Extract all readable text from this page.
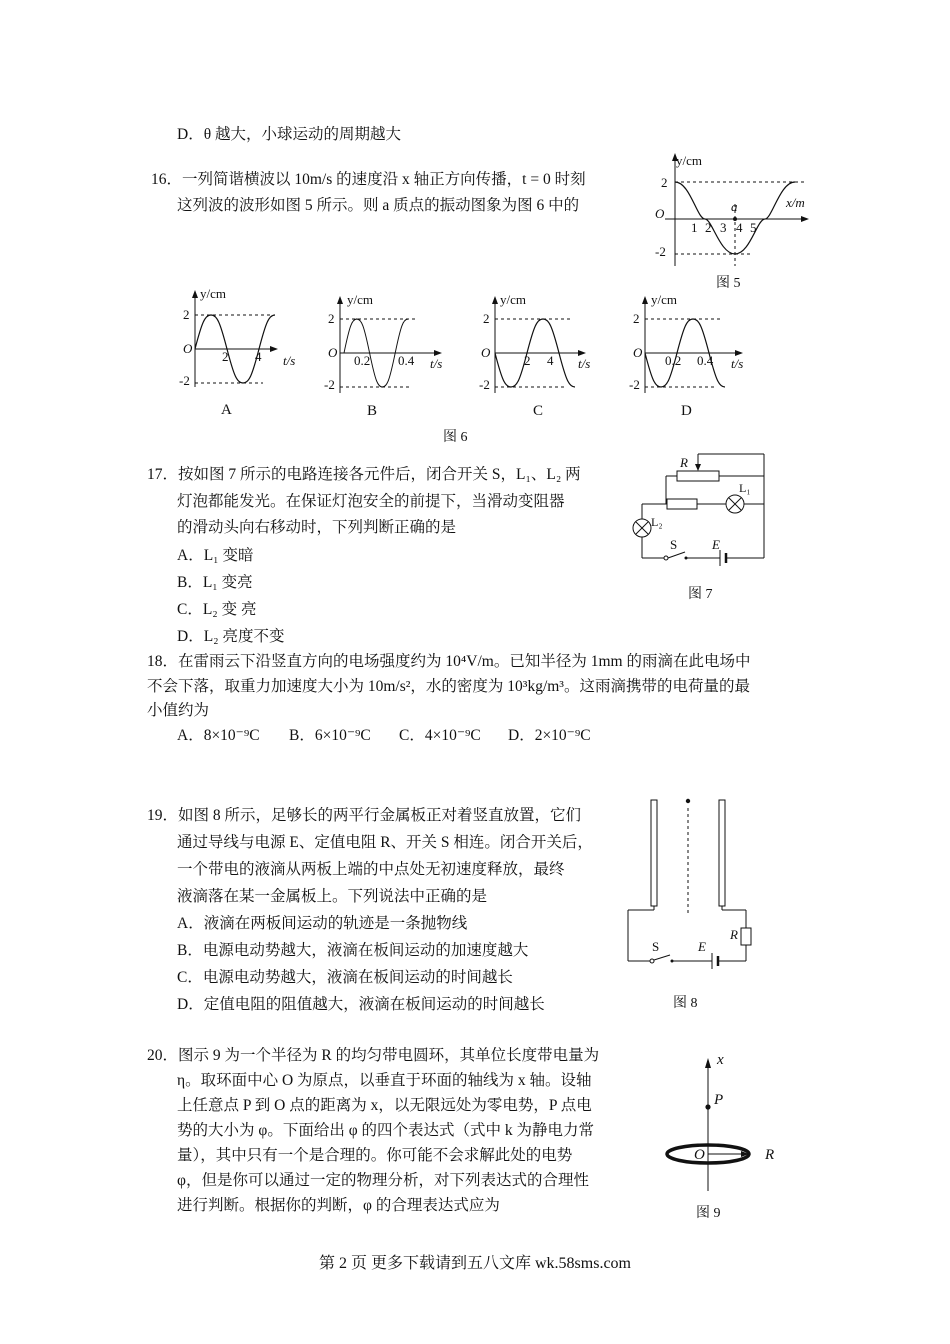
D．θ 越大，小球运动的周期越大
16．一列简谐横波以 10m/s 的速度沿 x 轴正方向传播，t = 0 时刻
这列波的波形如图 5 所示。则 a 质点的振动图象为图 6 中的
y/cm
x/m
O
2
-2
1 2 3 4 5
a
图 5
y/cm
t/s
O
2
-2
2 4
A
y/cm
t/s
O
2
-2
0.2 0.4
B
y/cm
t/s
O
2
-2
2 4
C
y/cm
t/s
O
2
-2
0.2 0.4
D
图 6
17．按如图 7 所示的电路连接各元件后，闭合开关 S，L₁、L₂ 两
灯泡都能发光。在保证灯泡安全的前提下，当滑动变阻器
的滑动头向右移动时，下列判断正确的是
A．L₁ 变暗
B．L₁ 变亮
C．L₂ 变 亮
D．L₂ 亮度不变
R
L₁
L₂
S	E
图 7
18．在雷雨云下沿竖直方向的电场强度约为 10⁴V/m。已知半径为 1mm 的雨滴在此电场中
不会下落，取重力加速度大小为 10m/s²，水的密度为 10³kg/m³。这雨滴携带的电荷量的最
小值约为
A．8×10⁻⁹C B．6×10⁻⁹C C．4×10⁻⁹C D．2×10⁻⁹C
19．如图 8 所示，足够长的两平行金属板正对着竖直放置，它们
通过导线与电源 E、定值电阻 R、开关 S 相连。闭合开关后，
一个带电的液滴从两板上端的中点处无初速度释放，最终
液滴落在某一金属板上。下列说法中正确的是
A．液滴在两板间运动的轨迹是一条抛物线
B．电源电动势越大，液滴在板间运动的加速度越大
C．电源电动势越大，液滴在板间运动的时间越长
D．定值电阻的阻值越大，液滴在板间运动的时间越长
S	E
R
图 8
20．图示 9 为一个半径为 R 的均匀带电圆环，其单位长度带电量为
η。取环面中心 O 为原点，以垂直于环面的轴线为 x 轴。设轴
上任意点 P 到 O 点的距离为 x，以无限远处为零电势，P 点电
势的大小为 φ。下面给出 φ 的四个表达式（式中 k 为静电力常
量），其中只有一个是合理的。你可能不会求解此处的电势
φ，但是你可以通过一定的物理分析，对下列表达式的合理性
进行判断。根据你的判断，φ 的合理表达式应为
x
P
O	R
图 9
第 2 页 更多下载请到五八文库 wk.58sms.com
